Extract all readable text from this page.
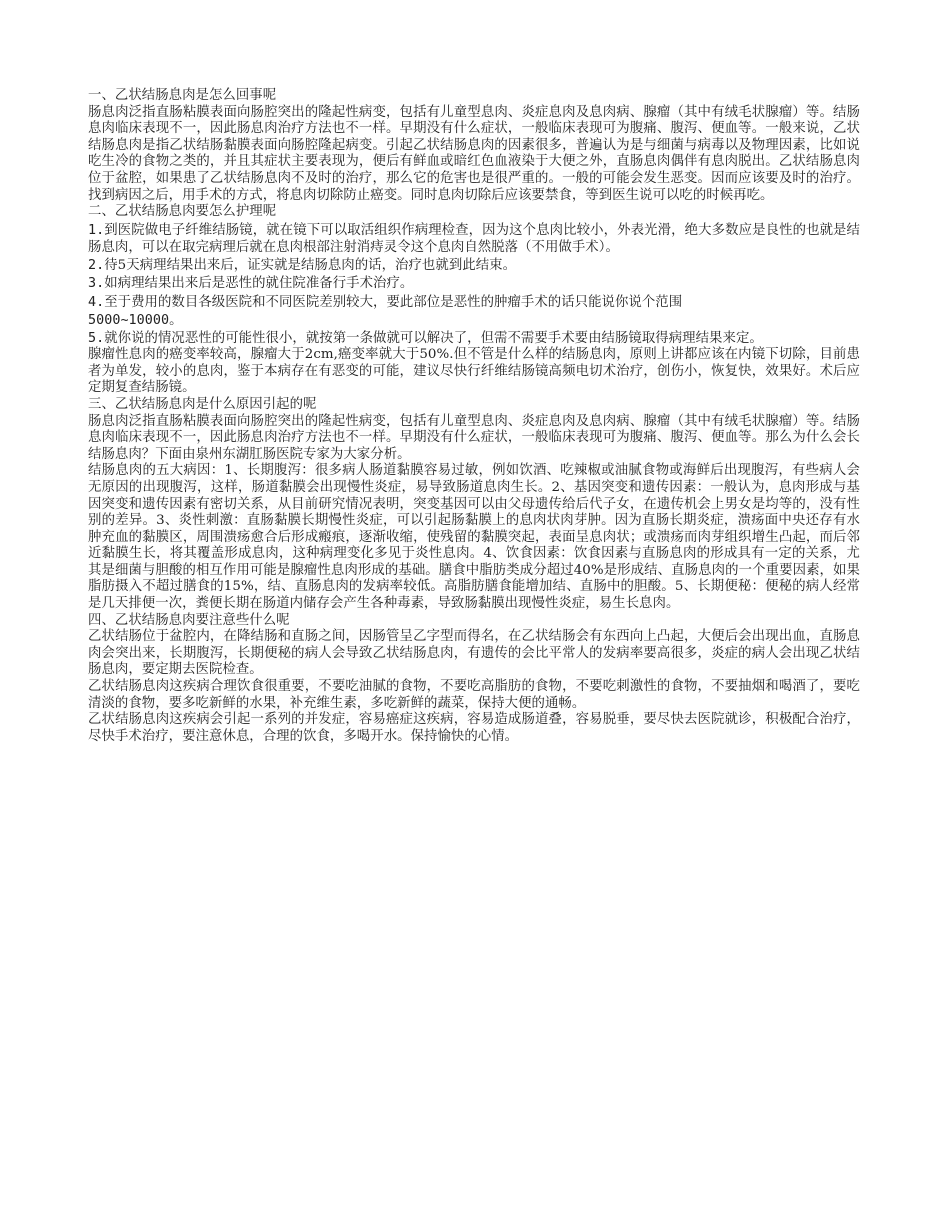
一、乙状结肠息肉是怎么回事呢

肠息肉泛指直肠粘膜表面向肠腔突出的隆起性病变，包括有儿童型息肉、炎症息肉及息肉病、腺瘤（其中有绒毛状腺瘤）等。结肠息肉临床表现不一，因此肠息肉治疗方法也不一样。早期没有什么症状，一般临床表现可为腹痛、腹泻、便血等。一般来说，乙状结肠息肉是指乙状结肠黏膜表面向肠腔隆起病变。引起乙状结肠息肉的因素很多，普遍认为是与细菌与病毒以及物理因素，比如说吃生冷的食物之类的，并且其症状主要表现为，便后有鲜血或暗红色血液染于大便之外，直肠息肉偶伴有息肉脱出。乙状结肠息肉位于盆腔，如果患了乙状结肠息肉不及时的治疗，那么它的危害也是很严重的。一般的可能会发生恶变。因而应该要及时的治疗。找到病因之后，用手术的方式，将息肉切除防止癌变。同时息肉切除后应该要禁食，等到医生说可以吃的时候再吃。

二、乙状结肠息肉要怎么护理呢

1.到医院做电子纤维结肠镜，就在镜下可以取活组织作病理检查，因为这个息肉比较小，外表光滑，绝大多数应是良性的也就是结肠息肉，可以在取完病理后就在息肉根部注射消痔灵令这个息肉自然脱落（不用做手术）。

2.待5天病理结果出来后，证实就是结肠息肉的话，治疗也就到此结束。

3.如病理结果出来后是恶性的就住院准备行手术治疗。

4.至于费用的数目各级医院和不同医院差别较大，要此部位是恶性的肿瘤手术的话只能说你说个范围

5000~10000。

5.就你说的情况恶性的可能性很小，就按第一条做就可以解决了，但需不需要手术要由结肠镜取得病理结果来定。

腺瘤性息肉的癌变率较高，腺瘤大于2cm,癌变率就大于50%.但不管是什么样的结肠息肉，原则上讲都应该在内镜下切除，目前患者为单发，较小的息肉，鉴于本病存在有恶变的可能，建议尽快行纤维结肠镜高频电切术治疗，创伤小，恢复快，效果好。术后应定期复查结肠镜。

三、乙状结肠息肉是什么原因引起的呢

肠息肉泛指直肠粘膜表面向肠腔突出的隆起性病变，包括有儿童型息肉、炎症息肉及息肉病、腺瘤（其中有绒毛状腺瘤）等。结肠息肉临床表现不一，因此肠息肉治疗方法也不一样。早期没有什么症状，一般临床表现可为腹痛、腹泻、便血等。那么为什么会长结肠息肉？下面由泉州东湖肛肠医院专家为大家分析。

结肠息肉的五大病因：1、长期腹泻：很多病人肠道黏膜容易过敏，例如饮酒、吃辣椒或油腻食物或海鲜后出现腹泻，有些病人会无原因的出现腹泻，这样，肠道黏膜会出现慢性炎症，易导致肠道息肉生长。2、基因突变和遗传因素：一般认为，息肉形成与基因突变和遗传因素有密切关系，从目前研究情况表明，突变基因可以由父母遗传给后代子女，在遗传机会上男女是均等的，没有性别的差异。3、炎性刺激：直肠黏膜长期慢性炎症，可以引起肠黏膜上的息肉状肉芽肿。因为直肠长期炎症，溃疡面中央还存有水肿充血的黏膜区，周围溃疡愈合后形成瘢痕，逐渐收缩，使残留的黏膜突起，表面呈息肉状；或溃疡而肉芽组织增生凸起，而后邻近黏膜生长，将其覆盖形成息肉，这种病理变化多见于炎性息肉。4、饮食因素：饮食因素与直肠息肉的形成具有一定的关系，尤其是细菌与胆酸的相互作用可能是腺瘤性息肉形成的基础。膳食中脂肪类成分超过40%是形成结、直肠息肉的一个重要因素，如果脂肪摄入不超过膳食的15%，结、直肠息肉的发病率较低。高脂肪膳食能增加结、直肠中的胆酸。5、长期便秘：便秘的病人经常是几天排便一次，粪便长期在肠道内储存会产生各种毒素，导致肠黏膜出现慢性炎症，易生长息肉。

四、乙状结肠息肉要注意些什么呢

乙状结肠位于盆腔内，在降结肠和直肠之间，因肠管呈乙字型而得名，在乙状结肠会有东西向上凸起，大便后会出现出血，直肠息肉会突出来，长期腹泻，长期便秘的病人会导致乙状结肠息肉，有遗传的会比平常人的发病率要高很多，炎症的病人会出现乙状结肠息肉，要定期去医院检查。

乙状结肠息肉这疾病合理饮食很重要，不要吃油腻的食物，不要吃高脂肪的食物，不要吃刺激性的食物，不要抽烟和喝酒了，要吃清淡的食物，要多吃新鲜的水果，补充维生素，多吃新鲜的蔬菜，保持大便的通畅。

乙状结肠息肉这疾病会引起一系列的并发症，容易癌症这疾病，容易造成肠道叠，容易脱垂，要尽快去医院就诊，积极配合治疗，尽快手术治疗，要注意休息，合理的饮食，多喝开水。保持愉快的心情。
